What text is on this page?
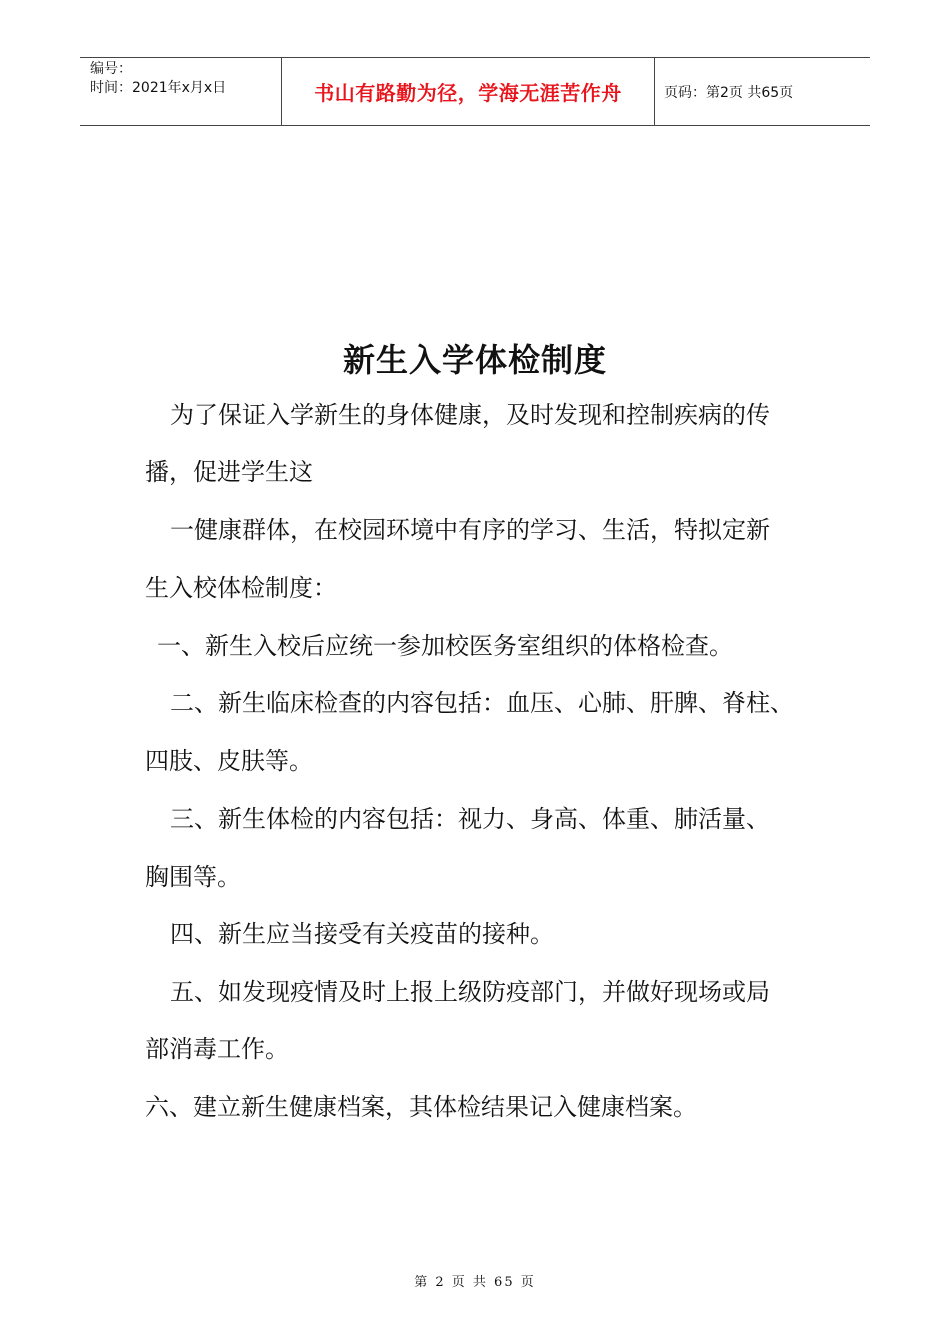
编号：
时间：2021年x月x日	书山有路勤为径，学海无涯苦作舟	页码：第2页 共65页
新生入学体检制度

为了保证入学新生的身体健康，及时发现和控制疾病的传

播，促进学生这

一健康群体，在校园环境中有序的学习、生活，特拟定新

生入校体检制度：

一、新生入校后应统一参加校医务室组织的体格检查。

二、新生临床检查的内容包括：血压、心肺、肝脾、脊柱、

四肢、皮肤等。

三、新生体检的内容包括：视力、身高、体重、肺活量、

胸围等。

四、新生应当接受有关疫苗的接种。

五、如发现疫情及时上报上级防疫部门，并做好现场或局

部消毒工作。

六、建立新生健康档案，其体检结果记入健康档案。

第 2 页 共 65 页
